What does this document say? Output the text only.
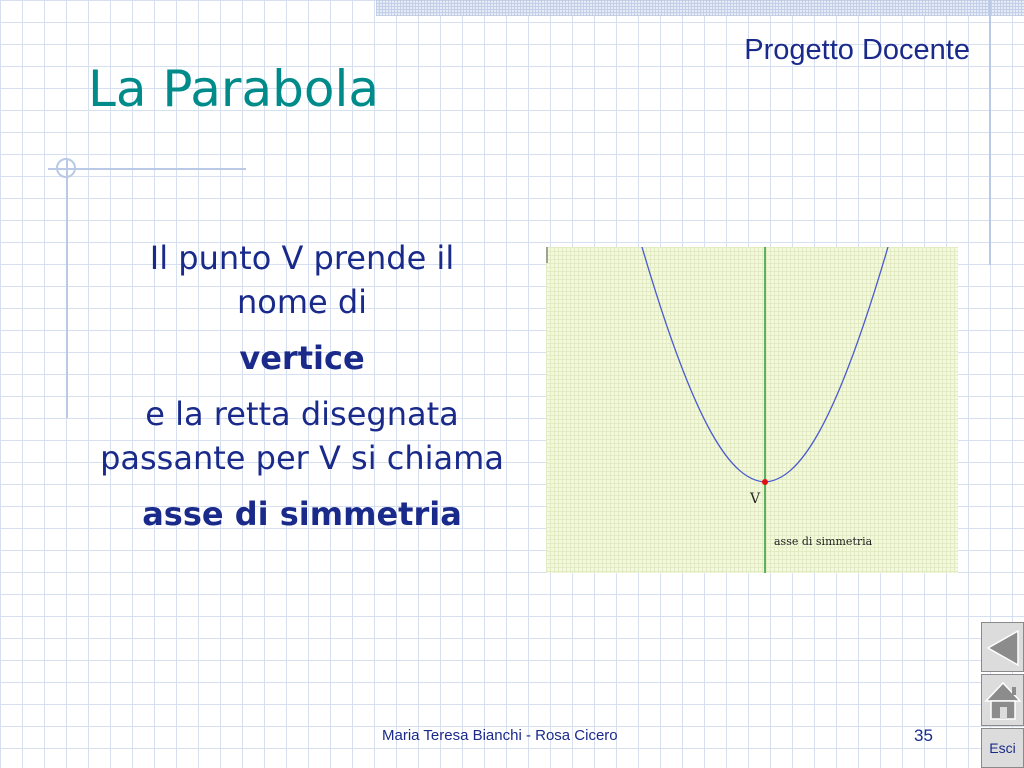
Progetto Docente
La Parabola

Il punto V prende il nome di

vertice

e la retta disegnata passante per V si chiama

asse di simmetria	V
asse di simmetria
Esci
Maria Teresa Bianchi - Rosa Cicero	35
